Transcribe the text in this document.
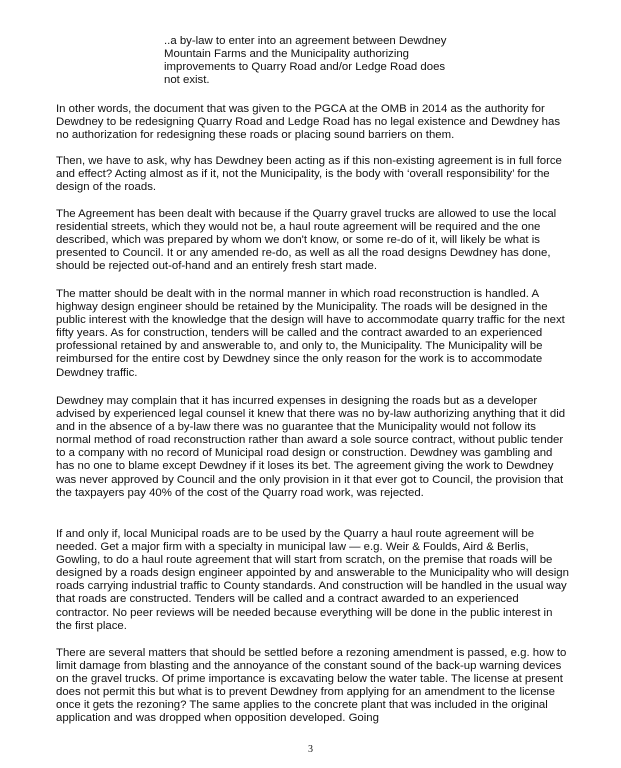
..a by-law to enter into an agreement between Dewdney Mountain Farms and the Municipality authorizing improvements to Quarry Road and/or Ledge Road does not exist.
In other words, the document that was given to the PGCA at the OMB in 2014 as the authority for Dewdney to be redesigning Quarry Road and Ledge Road has no legal existence and Dewdney has no authorization for redesigning these roads or placing sound barriers on them.
Then, we have to ask, why has Dewdney been acting as if this non-existing agreement is in full force and effect? Acting almost as if it, not the Municipality, is the body with ‘overall responsibility’ for the design of the roads.
The Agreement has been dealt with because if the Quarry gravel trucks are allowed to use the local residential streets, which they would not be, a haul route agreement will be required and the one described, which was prepared by whom we don't know, or some re-do of it, will likely be what is presented to Council. It or any amended re-do, as well as all the road designs Dewdney has done, should be rejected out-of-hand and an entirely fresh start made.
The matter should be dealt with in the normal manner in which road reconstruction is handled. A highway design engineer should be retained by the Municipality. The roads will be designed in the public interest with the knowledge that the design will have to accommodate quarry traffic for the next fifty years. As for construction, tenders will be called and the contract awarded to an experienced professional retained by and answerable to, and only to, the Municipality. The Municipality will be reimbursed for the entire cost by Dewdney since the only reason for the work is to accommodate Dewdney traffic.
Dewdney may complain that it has incurred expenses in designing the roads but as a developer advised by experienced legal counsel it knew that there was no by-law authorizing anything that it did and in the absence of a by-law there was no guarantee that the Municipality would not follow its normal method of road reconstruction rather than award a sole source contract, without public tender to a company with no record of Municipal road design or construction. Dewdney was gambling and has no one to blame except Dewdney if it loses its bet. The agreement giving the work to Dewdney was never approved by Council and the only provision in it that ever got to Council, the provision that the taxpayers pay 40% of the cost of the Quarry road work, was rejected.
If and only if, local Municipal roads are to be used by the Quarry a haul route agreement will be needed. Get a major firm with a specialty in municipal law — e.g. Weir & Foulds, Aird & Berlis, Gowling, to do a haul route agreement that will start from scratch, on the premise that roads will be designed by a roads design engineer appointed by and answerable to the Municipality who will design roads carrying industrial traffic to County standards. And construction will be handled in the usual way that roads are constructed. Tenders will be called and a contract awarded to an experienced contractor. No peer reviews will be needed because everything will be done in the public interest in the first place.
There are several matters that should be settled before a rezoning amendment is passed, e.g. how to limit damage from blasting and the annoyance of the constant sound of the back-up warning devices on the gravel trucks. Of prime importance is excavating below the water table. The license at present does not permit this but what is to prevent Dewdney from applying for an amendment to the license once it gets the rezoning? The same applies to the concrete plant that was included in the original application and was dropped when opposition developed. Going
3
